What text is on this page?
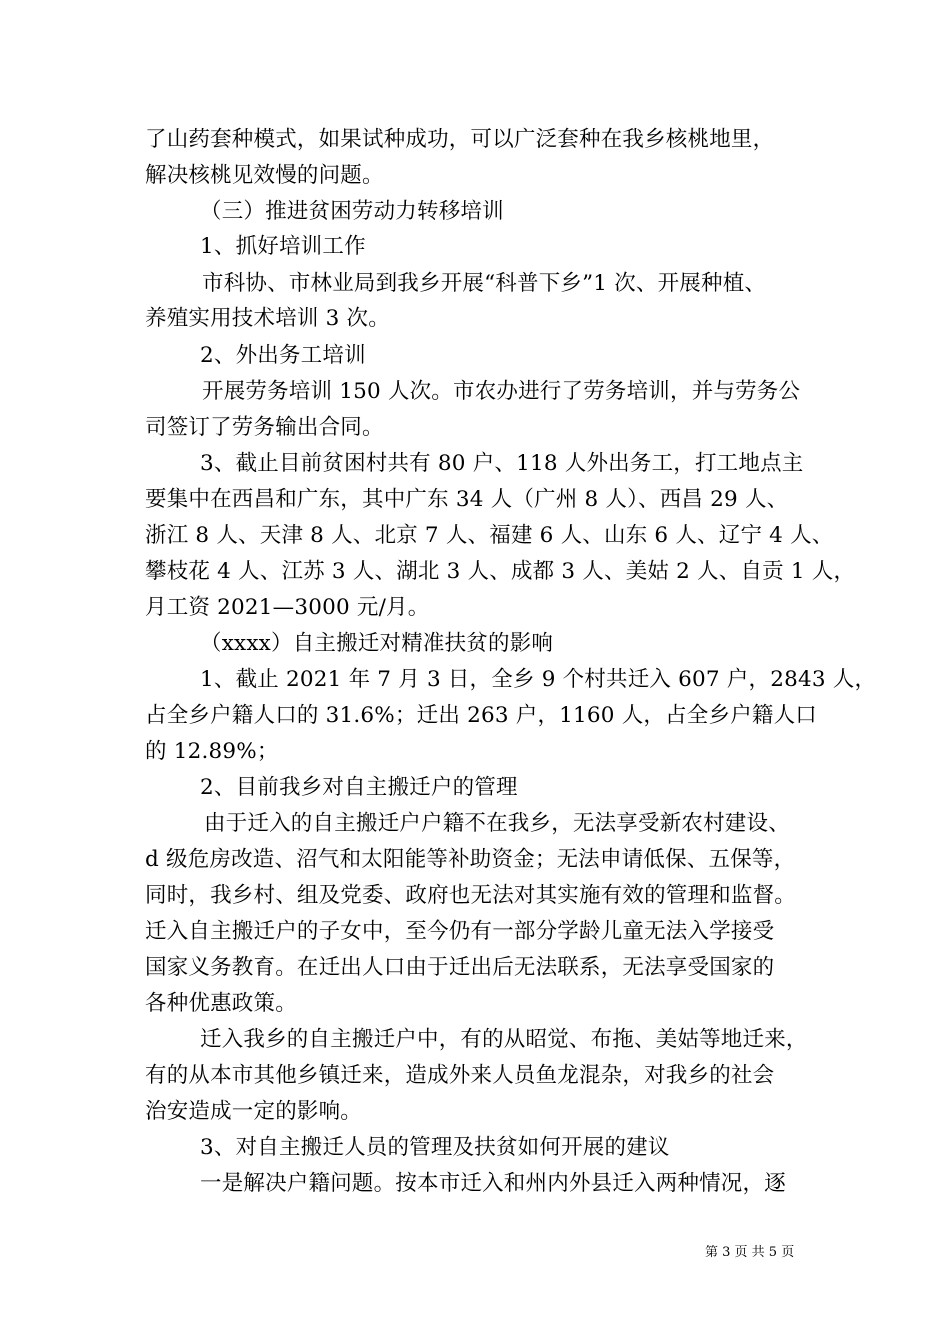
了山药套种模式，如果试种成功，可以广泛套种在我乡核桃地里，
解决核桃见效慢的问题。
（三）推进贫困劳动力转移培训
1、抓好培训工作
市科协、市林业局到我乡开展“科普下乡”1 次、开展种植、
养殖实用技术培训 3 次。
2、外出务工培训
开展劳务培训 150 人次。市农办进行了劳务培训，并与劳务公
司签订了劳务输出合同。
3、截止目前贫困村共有 80 户、118 人外出务工，打工地点主
要集中在西昌和广东，其中广东 34 人（广州 8 人）、西昌 29 人、
浙江 8 人、天津 8 人、北京 7 人、福建 6 人、山东 6 人、辽宁 4 人、
攀枝花 4 人、江苏 3 人、湖北 3 人、成都 3 人、美姑 2 人、自贡 1 人，
月工资 2021—3000 元/月。
（xxxx）自主搬迁对精准扶贫的影响
1、截止 2021 年 7 月 3 日，全乡 9 个村共迁入 607 户，2843 人，
占全乡户籍人口的 31.6%；迁出 263 户，1160 人，占全乡户籍人口
的 12.89%；
2、目前我乡对自主搬迁户的管理
由于迁入的自主搬迁户户籍不在我乡，无法享受新农村建设、
d 级危房改造、沼气和太阳能等补助资金；无法申请低保、五保等，
同时，我乡村、组及党委、政府也无法对其实施有效的管理和监督。
迁入自主搬迁户的子女中，至今仍有一部分学龄儿童无法入学接受
国家义务教育。在迁出人口由于迁出后无法联系，无法享受国家的
各种优惠政策。
迁入我乡的自主搬迁户中，有的从昭觉、布拖、美姑等地迁来，
有的从本市其他乡镇迁来，造成外来人员鱼龙混杂，对我乡的社会
治安造成一定的影响。
3、对自主搬迁人员的管理及扶贫如何开展的建议
一是解决户籍问题。按本市迁入和州内外县迁入两种情况，逐
第 3 页 共 5 页
